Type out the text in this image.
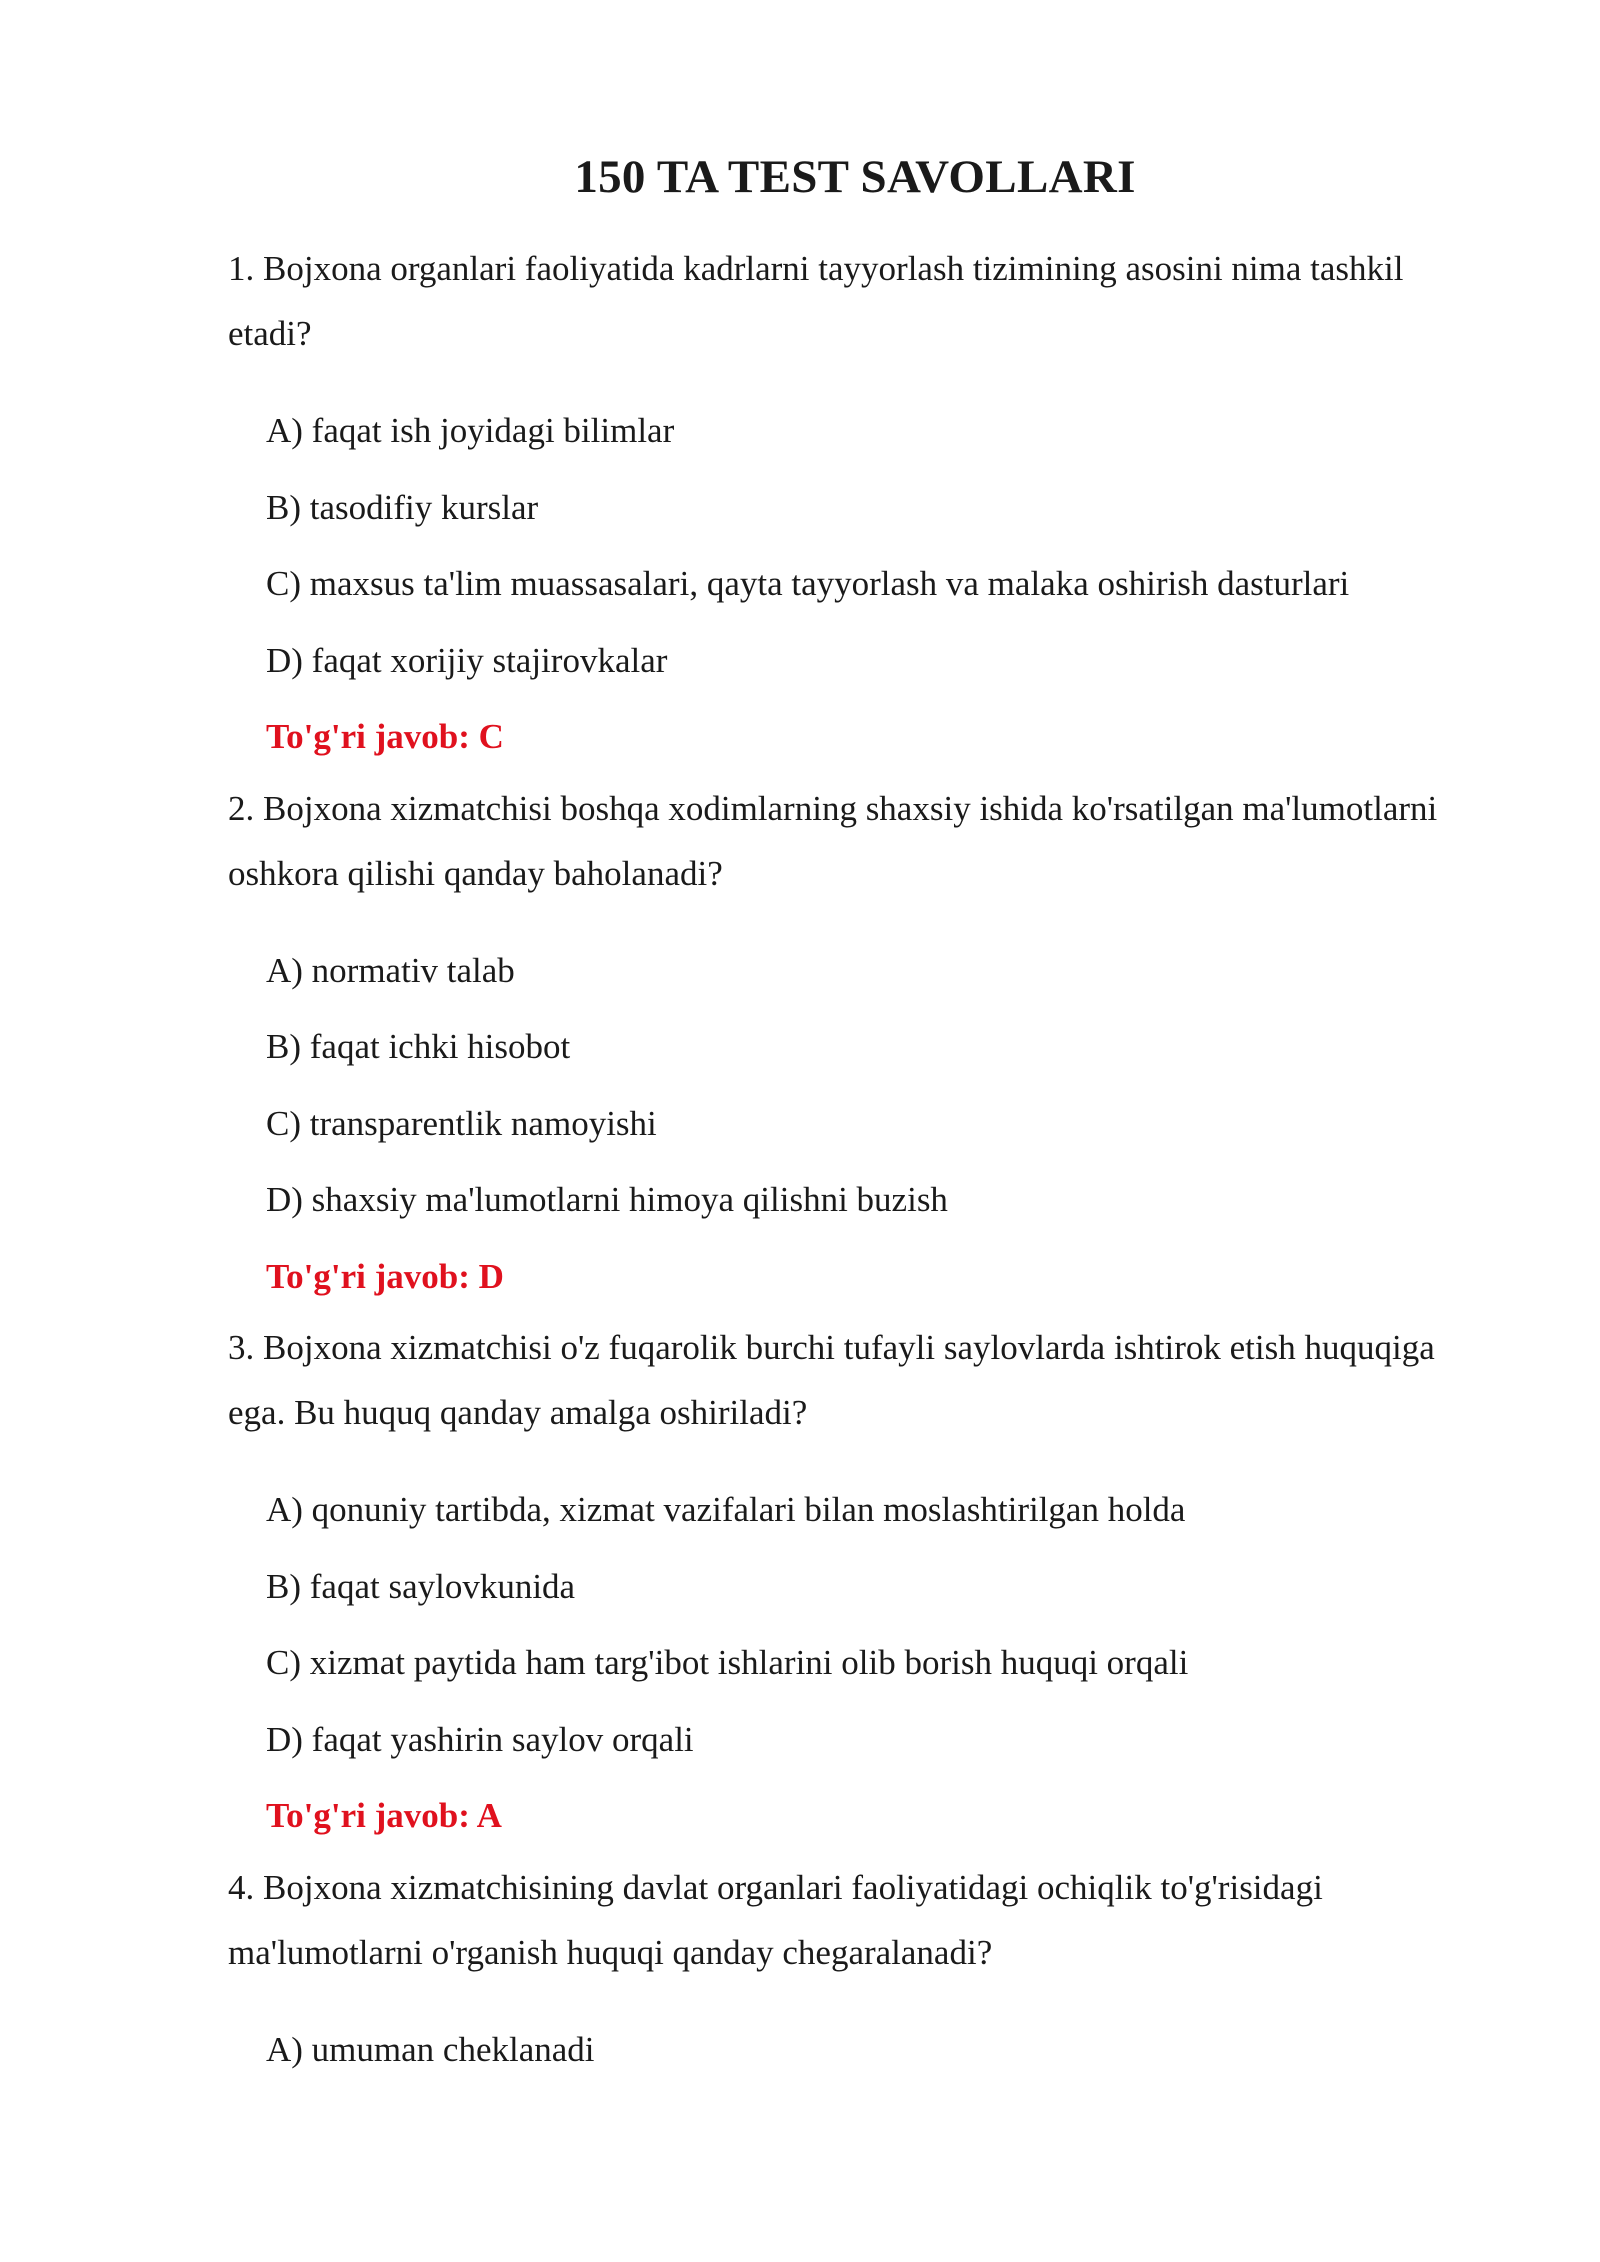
150 TA TEST SAVOLLARI

1. Bojxona organlari faoliyatida kadrlarni tayyorlash tizimining asosini nima tashkil etadi?

A) faqat ish joyidagi bilimlar
B) tasodifiy kurslar
C) maxsus ta'lim muassasalari, qayta tayyorlash va malaka oshirish dasturlari
D) faqat xorijiy stajirovkalar

To'g'ri javob: C

2. Bojxona xizmatchisi boshqa xodimlarning shaxsiy ishida ko'rsatilgan ma'lumotlarni oshkora qilishi qanday baholanadi?

A) normativ talab
B) faqat ichki hisobot
C) transparentlik namoyishi
D) shaxsiy ma'lumotlarni himoya qilishni buzish

To'g'ri javob: D

3. Bojxona xizmatchisi o'z fuqarolik burchi tufayli saylovlarda ishtirok etish huquqiga ega. Bu huquq qanday amalga oshiriladi?

A) qonuniy tartibda, xizmat vazifalari bilan moslashtirilgan holda
B) faqat saylovkunida
C) xizmat paytida ham targ'ibot ishlarini olib borish huquqi orqali
D) faqat yashirin saylov orqali

To'g'ri javob: A

4. Bojxona xizmatchisining davlat organlari faoliyatidagi ochiqlik to'g'risidagi ma'lumotlarni o'rganish huquqi qanday chegaralanadi?

A) umuman cheklanadi
